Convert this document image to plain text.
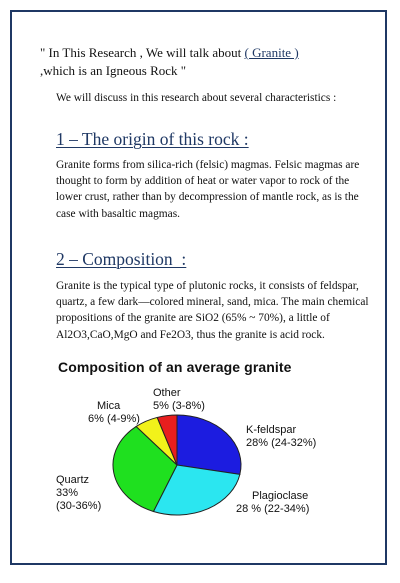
" In This Research , We will talk about ( Granite )
,which is an Igneous Rock "
We will discuss in this research about several characteristics :
1 – The origin of this rock :
Granite forms from silica-rich (felsic) magmas. Felsic magmas are thought to form by addition of heat or water vapor to rock of the lower crust, rather than by decompression of mantle rock, as is the case with basaltic magmas.
2 – Composition  :
Granite is the typical type of plutonic rocks, it consists of feldspar, quartz, a few dark—colored mineral, sand, mica. The main chemical propositions of the granite are SiO2 (65% ~ 70%), a little of Al2O3,CaO,MgO and Fe2O3, thus the granite is acid rock.
Composition of an average granite
Other
5% (3-8%)
Mica
6% (4-9%)
K-feldspar
28% (24-32%)
Quartz
33%
(30-36%)
Plagioclase
28 % (22-34%)
